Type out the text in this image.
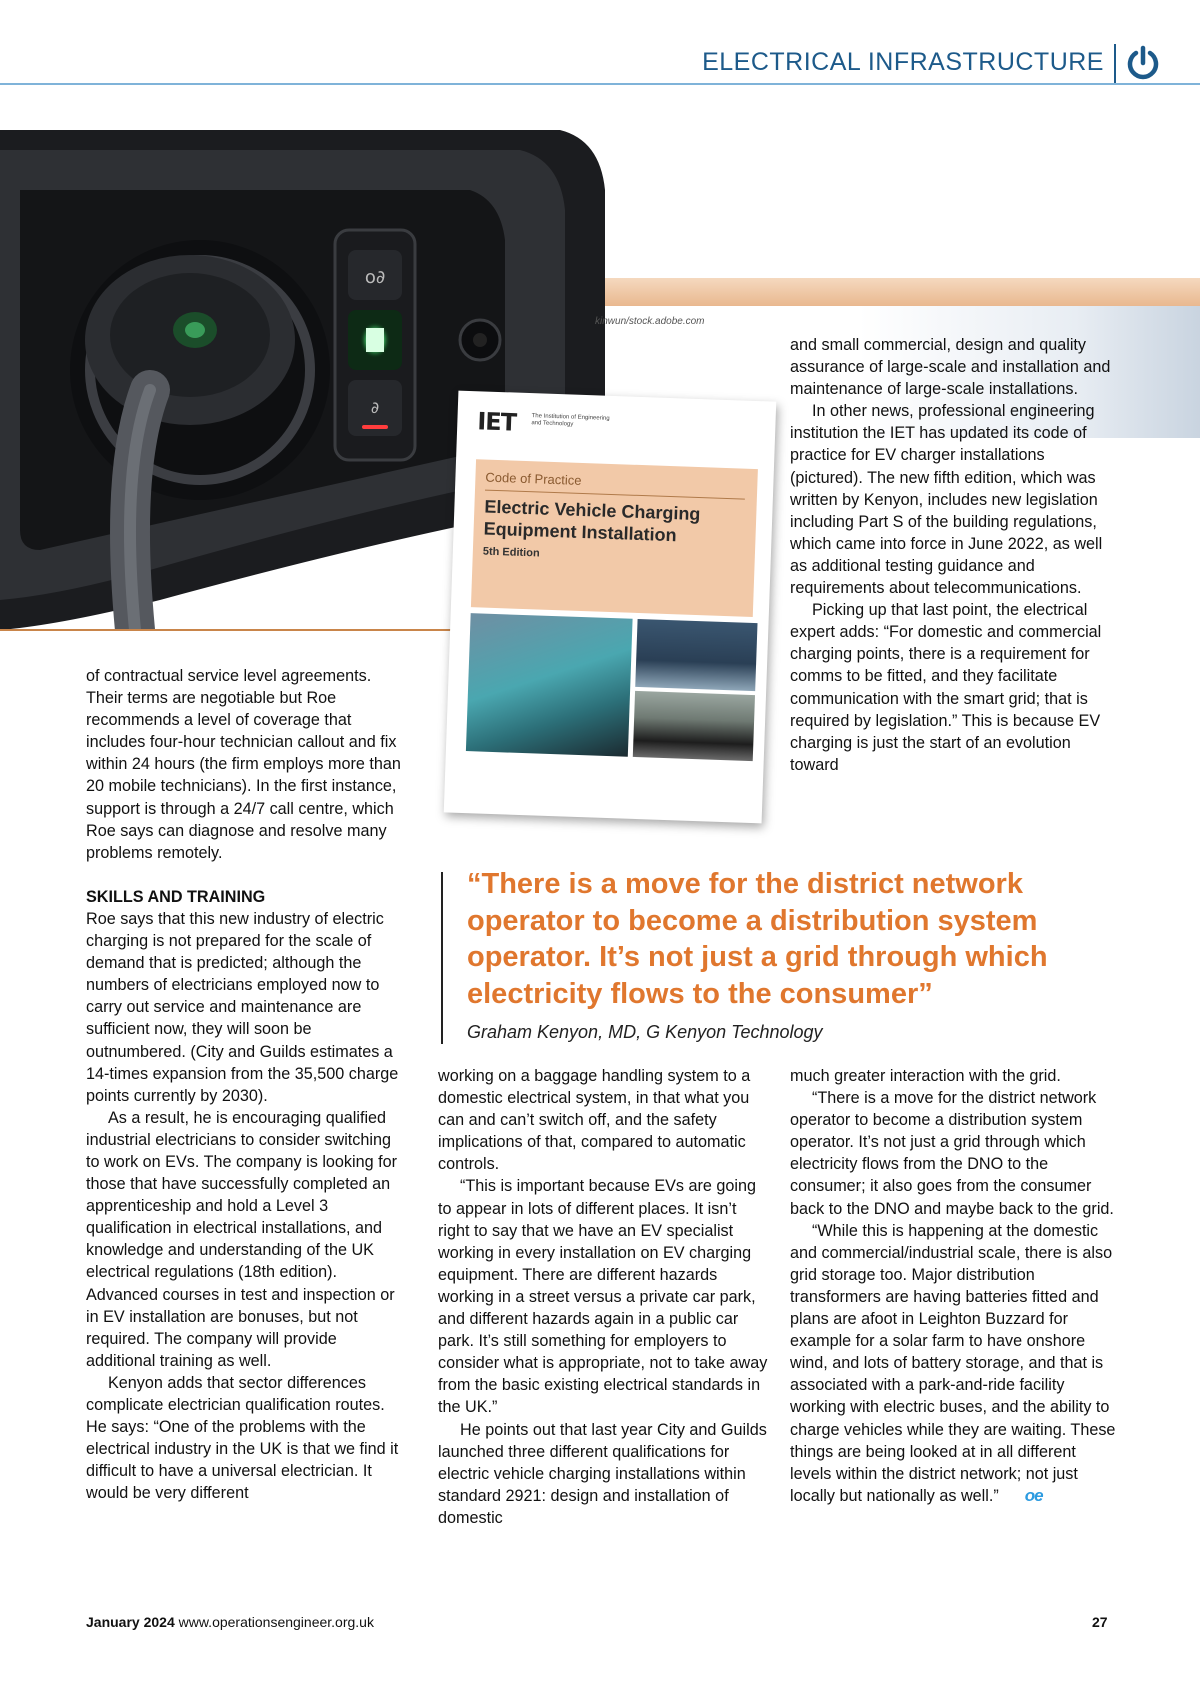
ELECTRICAL INFRASTRUCTURE
o∂
∂
kinwun/stock.adobe.com
IET The Institution of Engineering and Technology
Code of Practice
Electric Vehicle Charging Equipment Installation
5th Edition

of contractual service level agreements. Their terms are negotiable but Roe recommends a level of coverage that includes four-hour technician callout and fix within 24 hours (the firm employs more than 20 mobile technicians). In the first instance, support is through a 24/7 call centre, which Roe says can diagnose and resolve many problems remotely.

SKILLS AND TRAINING

Roe says that this new industry of electric charging is not prepared for the scale of demand that is predicted; although the numbers of electricians employed now to carry out service and maintenance are sufficient now, they will soon be outnumbered. (City and Guilds estimates a 14-times expansion from the 35,500 charge points currently by 2030).

As a result, he is encouraging qualified industrial electricians to consider switching to work on EVs. The company is looking for those that have successfully completed an apprenticeship and hold a Level 3 qualification in electrical installations, and knowledge and understanding of the UK electrical regulations (18th edition). Advanced courses in test and inspection or in EV installation are bonuses, but not required. The company will provide additional training as well.

Kenyon adds that sector differences complicate electrician qualification routes. He says: “One of the problems with the electrical industry in the UK is that we find it difficult to have a universal electrician. It would be very different

and small commercial, design and quality assurance of large-scale and installation and maintenance of large-scale installations.

In other news, professional engineering institution the IET has updated its code of practice for EV charger installations (pictured). The new fifth edition, which was written by Kenyon, includes new legislation including Part S of the building regulations, which came into force in June 2022, as well as additional testing guidance and requirements about telecommunications.

Picking up that last point, the electrical expert adds: “For domestic and commercial charging points, there is a requirement for comms to be fitted, and they facilitate communication with the smart grid; that is required by legislation.” This is because EV charging is just the start of an evolution toward

“There is a move for the district network operator to become a distribution system operator. It’s not just a grid through which electricity flows to the consumer”

Graham Kenyon, MD, G Kenyon Technology

working on a baggage handling system to a domestic electrical system, in that what you can and can’t switch off, and the safety implications of that, compared to automatic controls.

“This is important because EVs are going to appear in lots of different places. It isn’t right to say that we have an EV specialist working in every installation on EV charging equipment. There are different hazards working in a street versus a private car park, and different hazards again in a public car park. It’s still something for employers to consider what is appropriate, not to take away from the basic existing electrical standards in the UK.”

He points out that last year City and Guilds launched three different qualifications for electric vehicle charging installations within standard 2921: design and installation of domestic

much greater interaction with the grid.

“There is a move for the district network operator to become a distribution system operator. It’s not just a grid through which electricity flows from the DNO to the consumer; it also goes from the consumer back to the DNO and maybe back to the grid.

“While this is happening at the domestic and commercial/industrial scale, there is also grid storage too. Major distribution transformers are having batteries fitted and plans are afoot in Leighton Buzzard for example for a solar farm to have onshore wind, and lots of battery storage, and that is associated with a park-and-ride facility working with electric buses, and the ability to charge vehicles while they are waiting. These things are being looked at in all different levels within the district network; not just locally but nationally as well.” oe

January 2024 www.operationsengineer.org.uk	27
